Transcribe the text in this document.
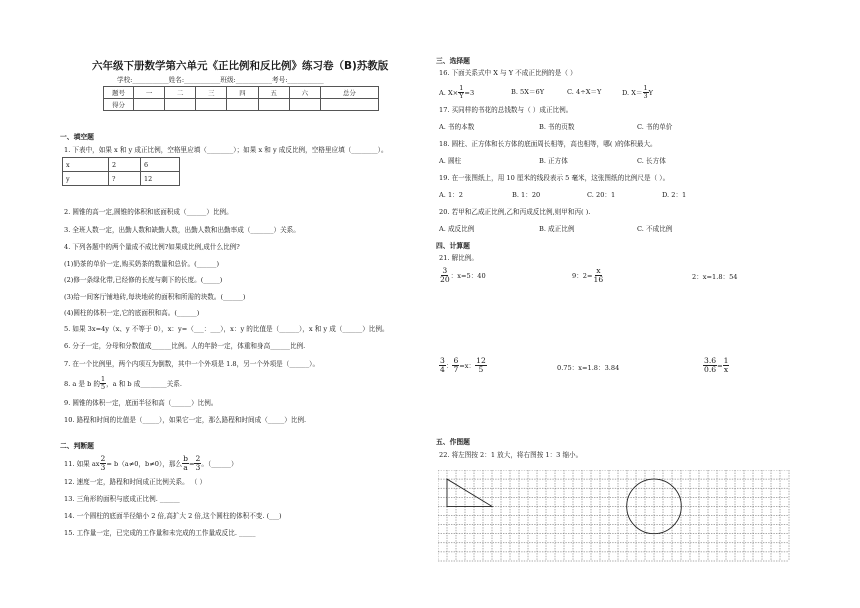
六年级下册数学第六单元《正比例和反比例》练习卷（B)苏教版
学校:___________姓名:___________班级:___________考号:___________
题号	一	二	三	四	五	六	总分
得分							
一、填空题
1. 下表中，如果 x 和 y 成正比例，空格里应填（________）；如果 x 和 y 成反比例，空格里应填（________）。
x	2	6
y	?	12
2. 圆锥的高一定,圆锥的体积和底面积成（______）比例。
3. 全班人数一定，出勤人数和缺勤人数，出勤人数和出勤率成（_______）关系。
4. 下列各题中的两个量成不成比例?如果成比例,成什么比例?
(1)奶茶的单价一定,购买奶茶的数量和总价。(______)
(2)修一条绿化带,已经修的长度与剩下的长度。(_____)
(3)给一间客厅铺地砖,每块地砖的面积和所需的块数。(______)
(4)圆柱的体积一定,它的底面积和高。(______)
5. 如果 3x=4y（x、y 不等于 0），x：y=（___：___），x：y 的比值是（______），x 和 y 成（______）比例。
6. 分子一定，分母和分数值成______比例。人的年龄一定，体重和身高______比例.
7. 在一个比例里，两个内项互为倒数，其中一个外项是 1.8，另一个外项是（______）。
8. a 是 b 的 $\frac{1}{5}$ ，a 和 b 成________关系.
9. 圆锥的体积一定，底面半径和高（______）比例。
10. 路程和时间的比值是（_____），如果它一定，那么路程和时间成（_____）比例.
二、判断题
11. 如果 ax $\frac{2}{3} = b(a\ne 0$，b≠0），那么 $\frac{b}{a} = \frac{2}{3}$ 。（______）
12. 速度一定，路程和时间成正比例关系。 （ ）
13. 三角形的面积与底成正比例. ______
14. 一个圆柱的底面半径缩小 2 倍,高扩大 2 倍,这个圆柱的体积不变. (___)
15. 工作量一定，已完成的工作量和未完成的工作量成反比. _____
三、选择题
16. 下面关系式中 X 与 Y 不成正比例的是（ ）
A. $X\times \frac{1}{Y} =3$	B. 5X＝6Y	C. 4÷X＝Y	D. $X= \frac{1}{3}$ Y
17. 买同样的书花的总钱数与（ ）成正比例。
A. 书的本数	B. 书的页数	C. 书的单价
18. 圆柱、正方体和长方体的底面周长相等，高也相等，哪( )的体积最大。
A. 圆柱	B. 正方体	C. 长方体
19. 在一张图纸上，用 10 厘米的线段表示 5 毫米，这张图纸的比例尺是（ ）。
A. 1：2	B. 1：20	C. 20：1	D. 2：1
20. 若甲和乙成正比例,乙和丙成反比例,则甲和丙( ).
A. 成反比例	B. 成正比例	C. 不成比例
四、计算题
21. 解比例。
$\frac{3}{20}$ ：x=5：40	9：$2= \frac{x}{16}$	2：x=1.8：54
$\frac{3}{4}$ ： $\frac{6}{7} =x$： $\frac{12}{5}$	0.75：x=1.8：3.84	$\frac{3.6}{0.6} = \frac{1}{x}$
五、作图题
22. 将左图按 2：1 放大，将右图按 1：3 缩小。
